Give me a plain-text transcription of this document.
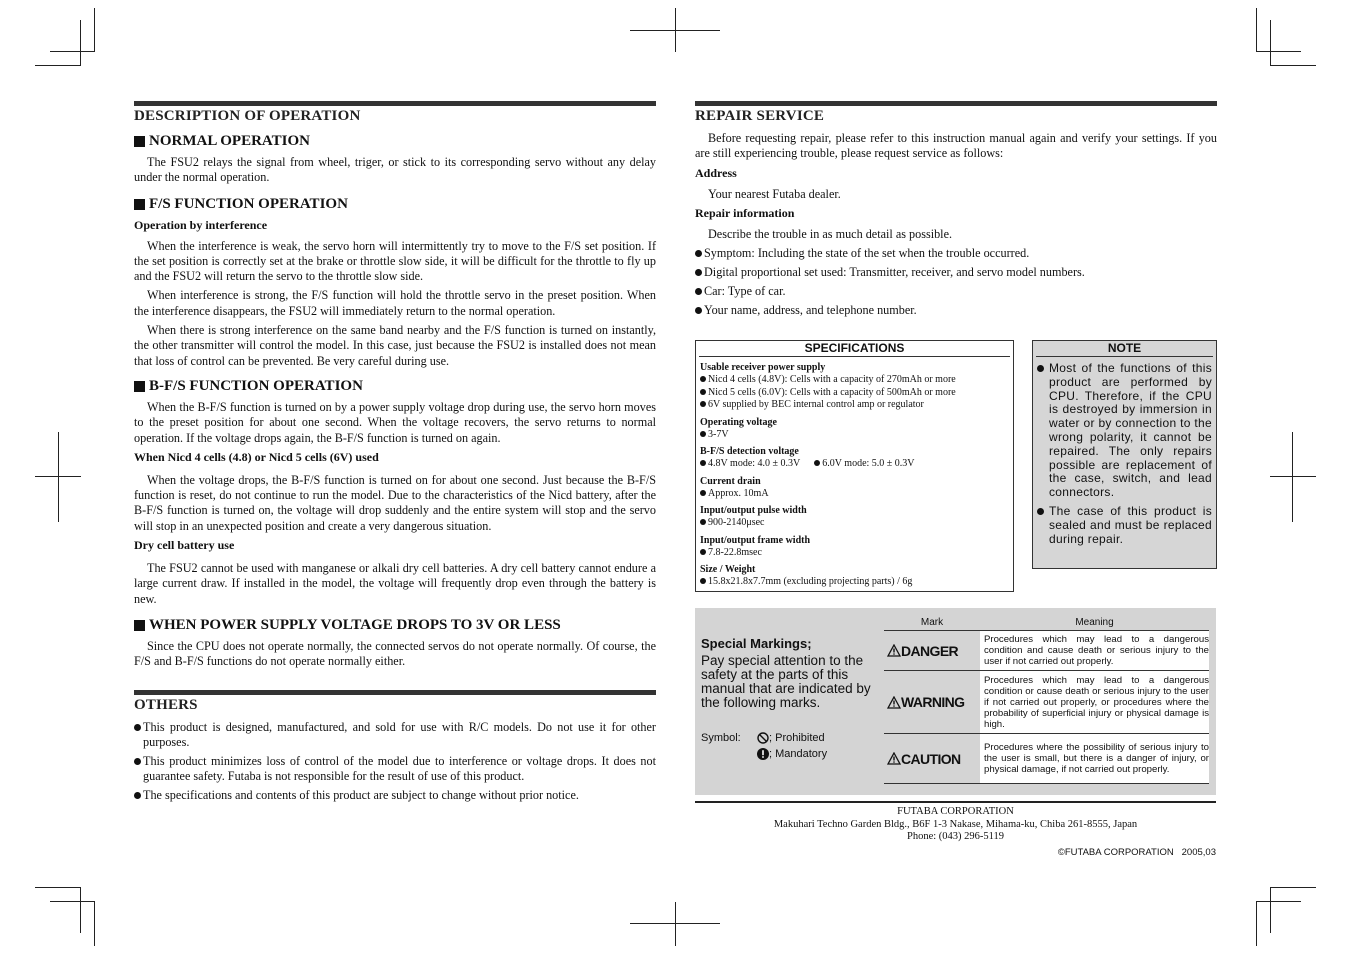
DESCRIPTION OF OPERATION
NORMAL OPERATION

The FSU2 relays the signal from wheel, triger, or stick to its corresponding servo without any delay under the normal operation.

F/S FUNCTION OPERATION
Operation by interference

When the interference is weak, the servo horn will intermittently try to move to the F/S set position. If the set position is correctly set at the brake or throttle slow side, it will be difficult for the throttle to fly up and the FSU2 will return the servo to the throttle slow side.

When interference is strong, the F/S function will hold the throttle servo in the preset position. When the interference disappears, the FSU2 will immediately return to the normal operation.

When there is strong interference on the same band nearby and the F/S function is turned on instantly, the other transmitter will control the model. In this case, just because the FSU2 is installed does not mean that loss of control can be prevented. Be very careful during use.

B-F/S FUNCTION OPERATION

When the B-F/S function is turned on by a power supply voltage drop during use, the servo horn moves to the preset position for about one second. When the voltage recovers, the servo returns to normal operation. If the voltage drops again, the B-F/S function is turned on again.

When Nicd 4 cells (4.8) or Nicd 5 cells (6V) used

When the voltage drops, the B-F/S function is turned on for about one second. Just because the B-F/S function is reset, do not continue to run the model. Due to the characteristics of the Nicd battery, after the B-F/S function is turned on, the voltage will drop suddenly and the entire system will stop and the servo will stop in an unexpected position and create a very dangerous situation.

Dry cell battery use

The FSU2 cannot be used with manganese or alkali dry cell batteries. A dry cell battery cannot endure a large current draw. If installed in the model, the voltage will frequently drop even through the battery is new.

WHEN POWER SUPPLY VOLTAGE DROPS TO 3V OR LESS

Since the CPU does not operate normally, the connected servos do not operate normally. Of course, the F/S and B-F/S functions do not operate normally either.

OTHERS
This product is designed, manufactured, and sold for use with R/C models. Do not use it for other purposes.
This product minimizes loss of control of the model due to interference or voltage drops. It does not guarantee safety. Futaba is not responsible for the result of use of this product.
The specifications and contents of this product are subject to change without prior notice.
REPAIR SERVICE

Before requesting repair, please refer to this instruction manual again and verify your settings. If you are still experiencing trouble, please request service as follows:

Address

Your nearest Futaba dealer.

Repair information

Describe the trouble in as much detail as possible.

Symptom: Including the state of the set when the trouble occurred.
Digital proportional set used: Transmitter, receiver, and servo model numbers.
Car: Type of car.
Your name, address, and telephone number.
SPECIFICATIONS
Usable receiver power supply
Nicd 4 cells (4.8V): Cells with a capacity of 270mAh or more
Nicd 5 cells (6.0V): Cells with a capacity of 500mAh or more
6V supplied by BEC internal control amp or regulator
Operating voltage
3-7V
B-F/S detection voltage
4.8V mode: 4.0 ± 0.3V 6.0V mode: 5.0 ± 0.3V
Current drain
Approx. 10mA
Input/output pulse width
900-2140μsec
Input/output frame width
7.8-22.8msec
Size / Weight
15.8x21.8x7.7mm (excluding projecting parts) / 6g
NOTE
Most of the functions of this product are performed by CPU. Therefore, if the CPU is destroyed by immersion in water or by connection to the wrong polarity, it cannot be repaired. The only repairs possible are replacement of the case, switch, and lead connectors.
The case of this product is sealed and must be replaced during repair.
Special Markings;
Pay special attention to the safety at the parts of this manual that are indicated by the following marks.
Symbol:	; Prohibited
; Mandatory
Mark	Meaning
DANGER
Procedures which may lead to a dangerous condition and cause death or serious injury to the user if not carried out properly.
WARNING
Procedures which may lead to a dangerous condition or cause death or serious injury to the user if not carried out properly, or procedures where the probability of superficial injury or physical damage is high.
CAUTION
Procedures where the possibility of serious injury to the user is small, but there is a danger of injury, or physical damage, if not carried out properly.
FUTABA CORPORATION
Makuhari Techno Garden Bldg., B6F 1-3 Nakase, Mihama-ku, Chiba 261-8555, Japan
Phone: (043) 296-5119
©FUTABA CORPORATION   2005,03
